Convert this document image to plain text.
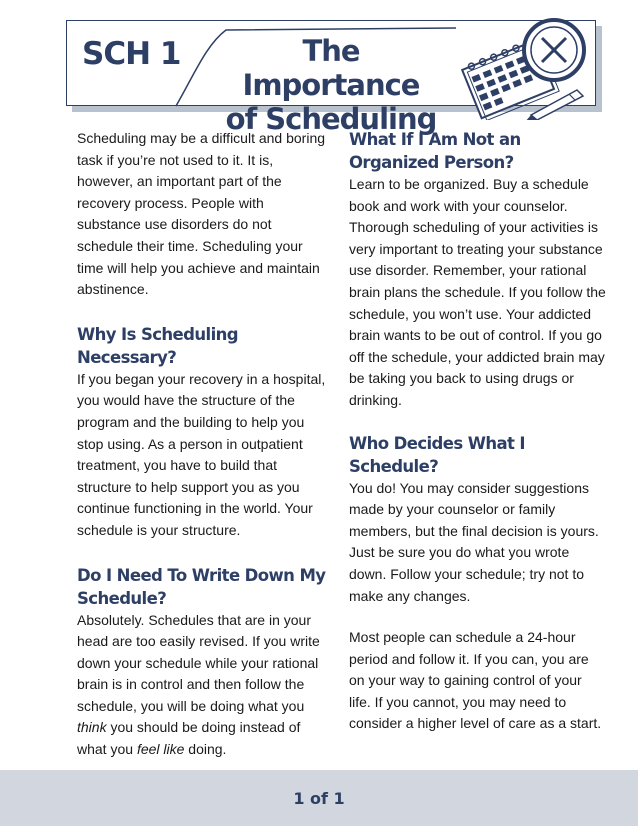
SCH 1	The Importance
of Scheduling

Scheduling may be a difficult and boring task if you’re not used to it. It is, however, an important part of the recovery process. People with substance use disorders do not schedule their time. Scheduling your time will help you achieve and maintain abstinence.

Why Is Scheduling Necessary?

If you began your recovery in a hospital, you would have the structure of the program and the building to help you stop using. As a person in outpatient treatment, you have to build that structure to help support you as you continue functioning in the world. Your schedule is your structure.

Do I Need To Write Down My Schedule?

Absolutely. Schedules that are in your head are too easily revised. If you write down your schedule while your rational brain is in control and then follow the schedule, you will be doing what you think you should be doing instead of what you feel like doing.

What If I Am Not an Organized Person?

Learn to be organized. Buy a schedule book and work with your counselor. Thorough scheduling of your activities is very important to treating your substance use disorder. Remember, your rational brain plans the schedule. If you follow the schedule, you won’t use. Your addicted brain wants to be out of control. If you go off the schedule, your addicted brain may be taking you back to using drugs or drinking.

Who Decides What I Schedule?

You do! You may consider suggestions made by your counselor or family members, but the final decision is yours. Just be sure you do what you wrote down. Follow your schedule; try not to make any changes.

Most people can schedule a 24-hour period and follow it. If you can, you are on your way to gaining control of your life. If you cannot, you may need to consider a higher level of care as a start.

1 of 1
